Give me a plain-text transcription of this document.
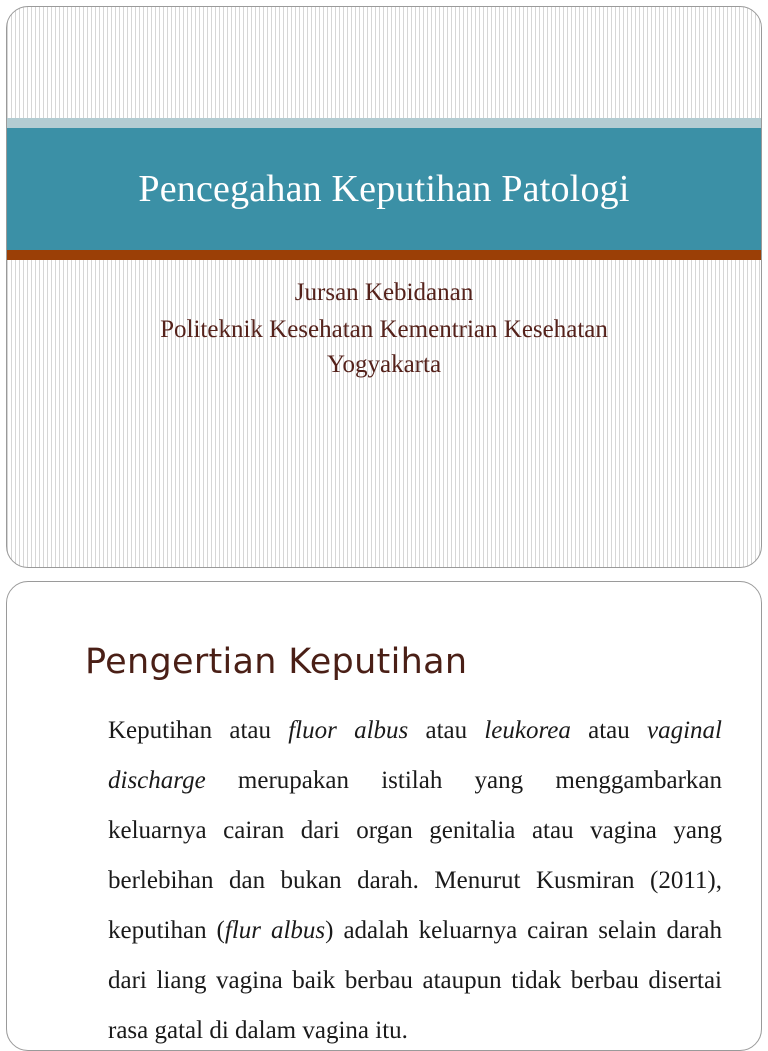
Pencegahan Keputihan Patologi
Jursan Kebidanan
Politeknik Kesehatan Kementrian Kesehatan
Yogyakarta
Pengertian Keputihan

Keputihan atau fluor albus atau leukorea atau vaginal discharge merupakan istilah yang menggambarkan keluarnya cairan dari organ genitalia atau vagina yang berlebihan dan bukan darah. Menurut Kusmiran (2011), keputihan (flur albus) adalah keluarnya cairan selain darah dari liang vagina baik berbau ataupun tidak berbau disertai rasa gatal di dalam vagina itu.
